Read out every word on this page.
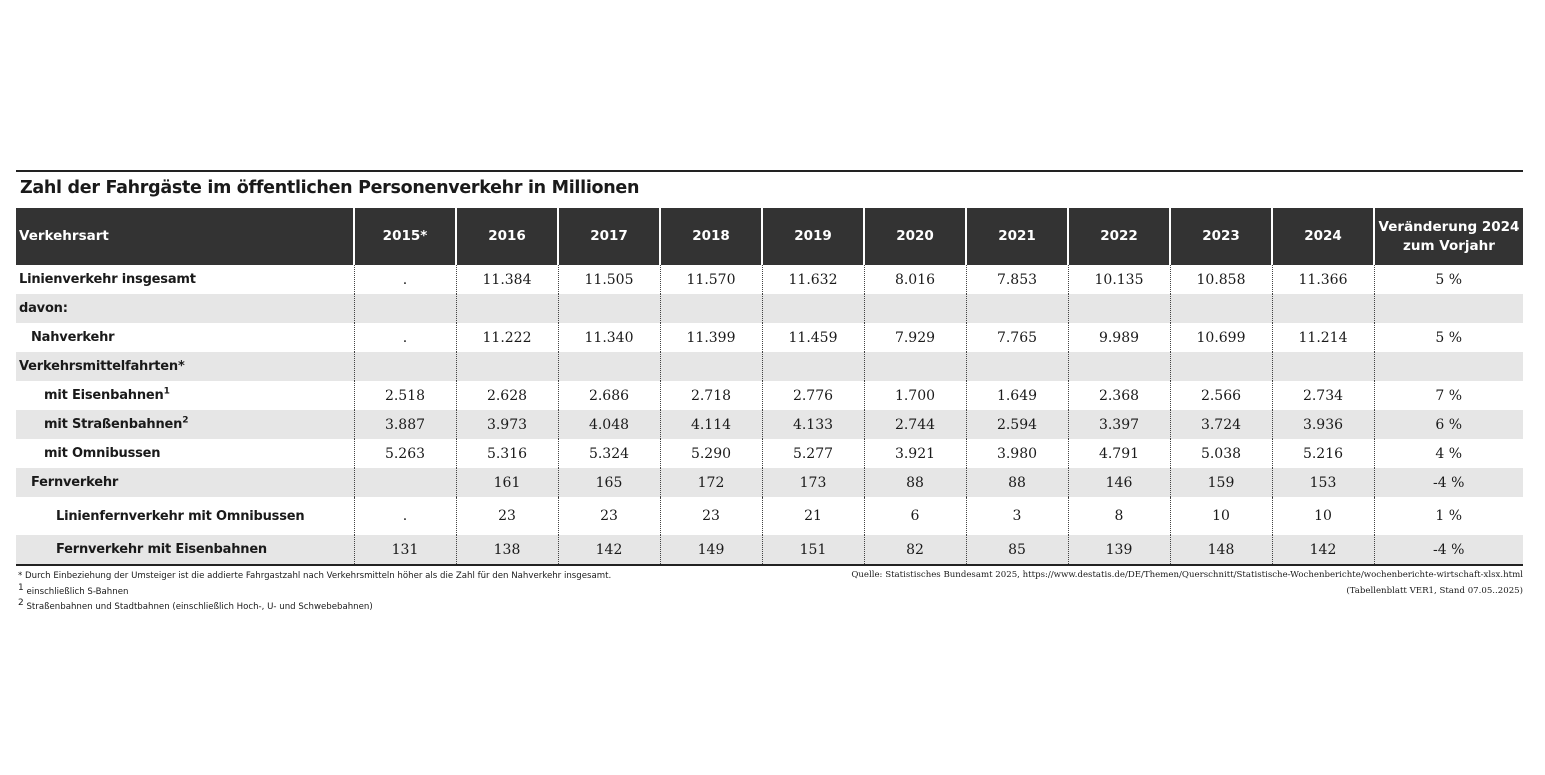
Zahl der Fahrgäste im öffentlichen Personenverkehr in Millionen
Verkehrsart	2015*	2016	2017	2018	2019	2020	2021	2022	2023	2024	Veränderung 2024
zum Vorjahr
Linienverkehr insgesamt	.	11.384	11.505	11.570	11.632	8.016	7.853	10.135	10.858	11.366	5 %
davon:											
Nahverkehr	.	11.222	11.340	11.399	11.459	7.929	7.765	9.989	10.699	11.214	5 %
Verkehrsmittelfahrten*											
mit Eisenbahnen$^1$	2.518	2.628	2.686	2.718	2.776	1.700	1.649	2.368	2.566	2.734	7 %
mit Straßenbahnen$^2$	3.887	3.973	4.048	4.114	4.133	2.744	2.594	3.397	3.724	3.936	6 %
mit Omnibussen	5.263	5.316	5.324	5.290	5.277	3.921	3.980	4.791	5.038	5.216	4 %
Fernverkehr		161	165	172	173	88	88	146	159	153	-4 %
Linienfernverkehr mit Omnibussen	.	23	23	23	21	6	3	8	10	10	1 %
Fernverkehr mit Eisenbahnen	131	138	142	149	151	82	85	139	148	142	-4 %
* Durch Einbeziehung der Umsteiger ist die addierte Fahrgastzahl nach Verkehrsmitteln höher als die Zahl für den Nahverkehr insgesamt.
$^1$ einschließlich S-Bahnen
$^2$ Straßenbahnen und Stadtbahnen (einschließlich Hoch-, U- und Schwebebahnen)
Quelle: Statistisches Bundesamt 2025, https://www.destatis.de/DE/Themen/Querschnitt/Statistische-Wochenberichte/wochenberichte-wirtschaft-xlsx.html
(Tabellenblatt VER1, Stand 07.05..2025)
